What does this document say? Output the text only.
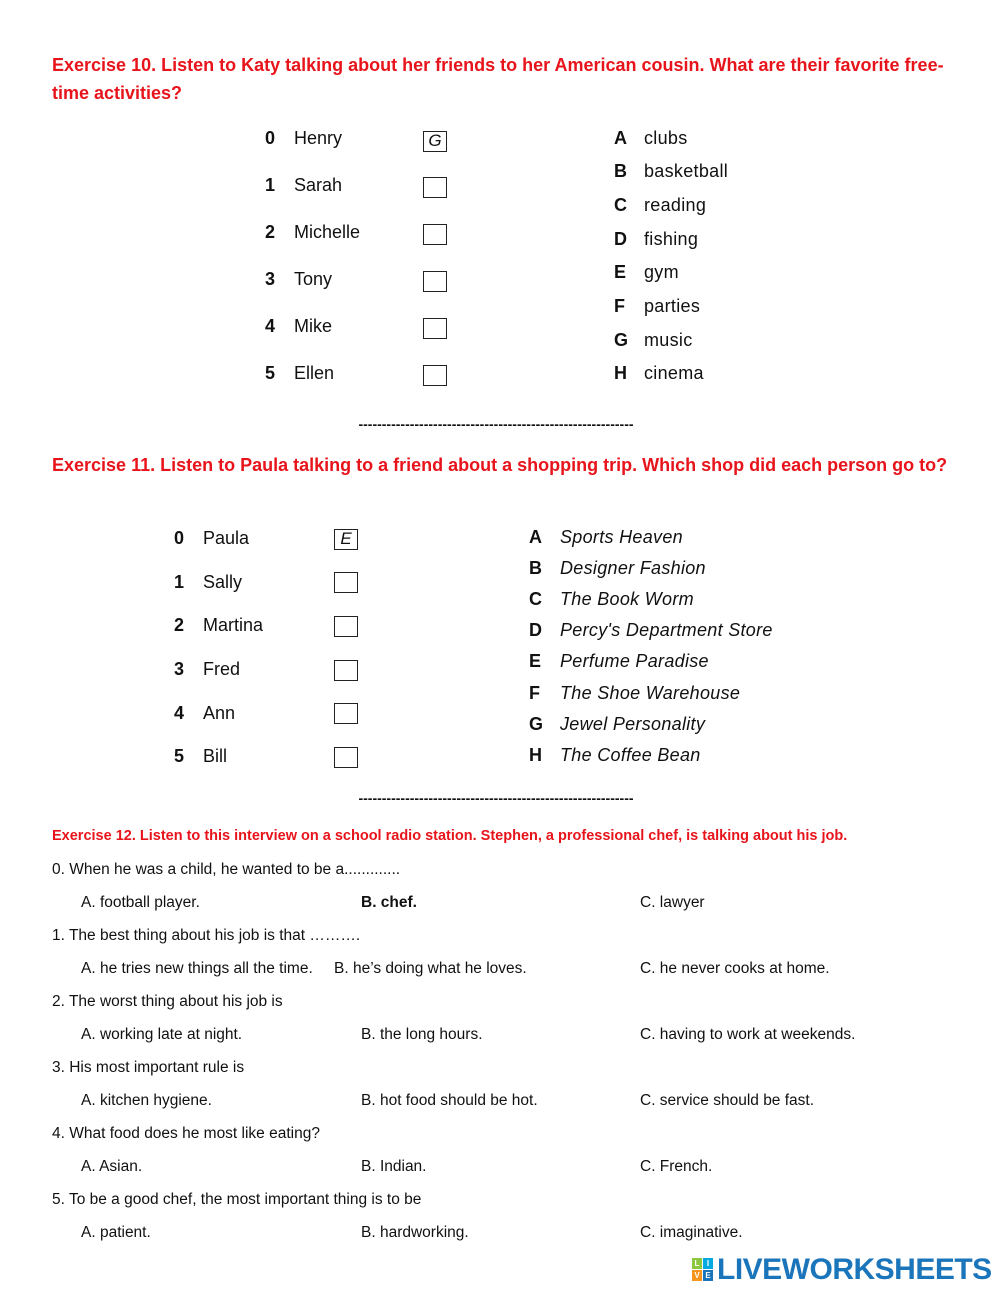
Exercise 10. Listen to Katy talking about her friends to her American cousin. What are their favorite free-time activities?
0	Henry	G
1	Sarah
2	Michelle
3	Tony
4	Mike
5	Ellen
A clubs
B basketball
C reading
D fishing
E gym
F parties
G music
H cinema
-----------------------------------------------------------
Exercise 11. Listen to Paula talking to a friend about a shopping trip. Which shop did each person go to?
0	Paula	E
1	Sally
2	Martina
3	Fred
4	Ann
5	Bill
A Sports Heaven
B Designer Fashion
C The Book Worm
D Percy's Department Store
E Perfume Paradise
F The Shoe Warehouse
G Jewel Personality
H The Coffee Bean
-----------------------------------------------------------
Exercise 12. Listen to this interview on a school radio station. Stephen, a professional chef, is talking about his job.
0. When he was a child, he wanted to be a.............
A. football player.	B. chef.	C. lawyer
1. The best thing about his job is that ……….
A. he tries new things all the time. B. he’s doing what he loves.	C. he never cooks at home.
2. The worst thing about his job is
A. working late at night.	B. the long hours.	C. having to work at weekends.
3. His most important rule is
A. kitchen hygiene.	B. hot food should be hot.	C. service should be fast.
4. What food does he most like eating?
A. Asian.	B. Indian.	C. French.
5. To be a good chef, the most important thing is to be
A. patient.	B. hardworking.	C. imaginative.
L I
V E LIVEWORKSHEETS
